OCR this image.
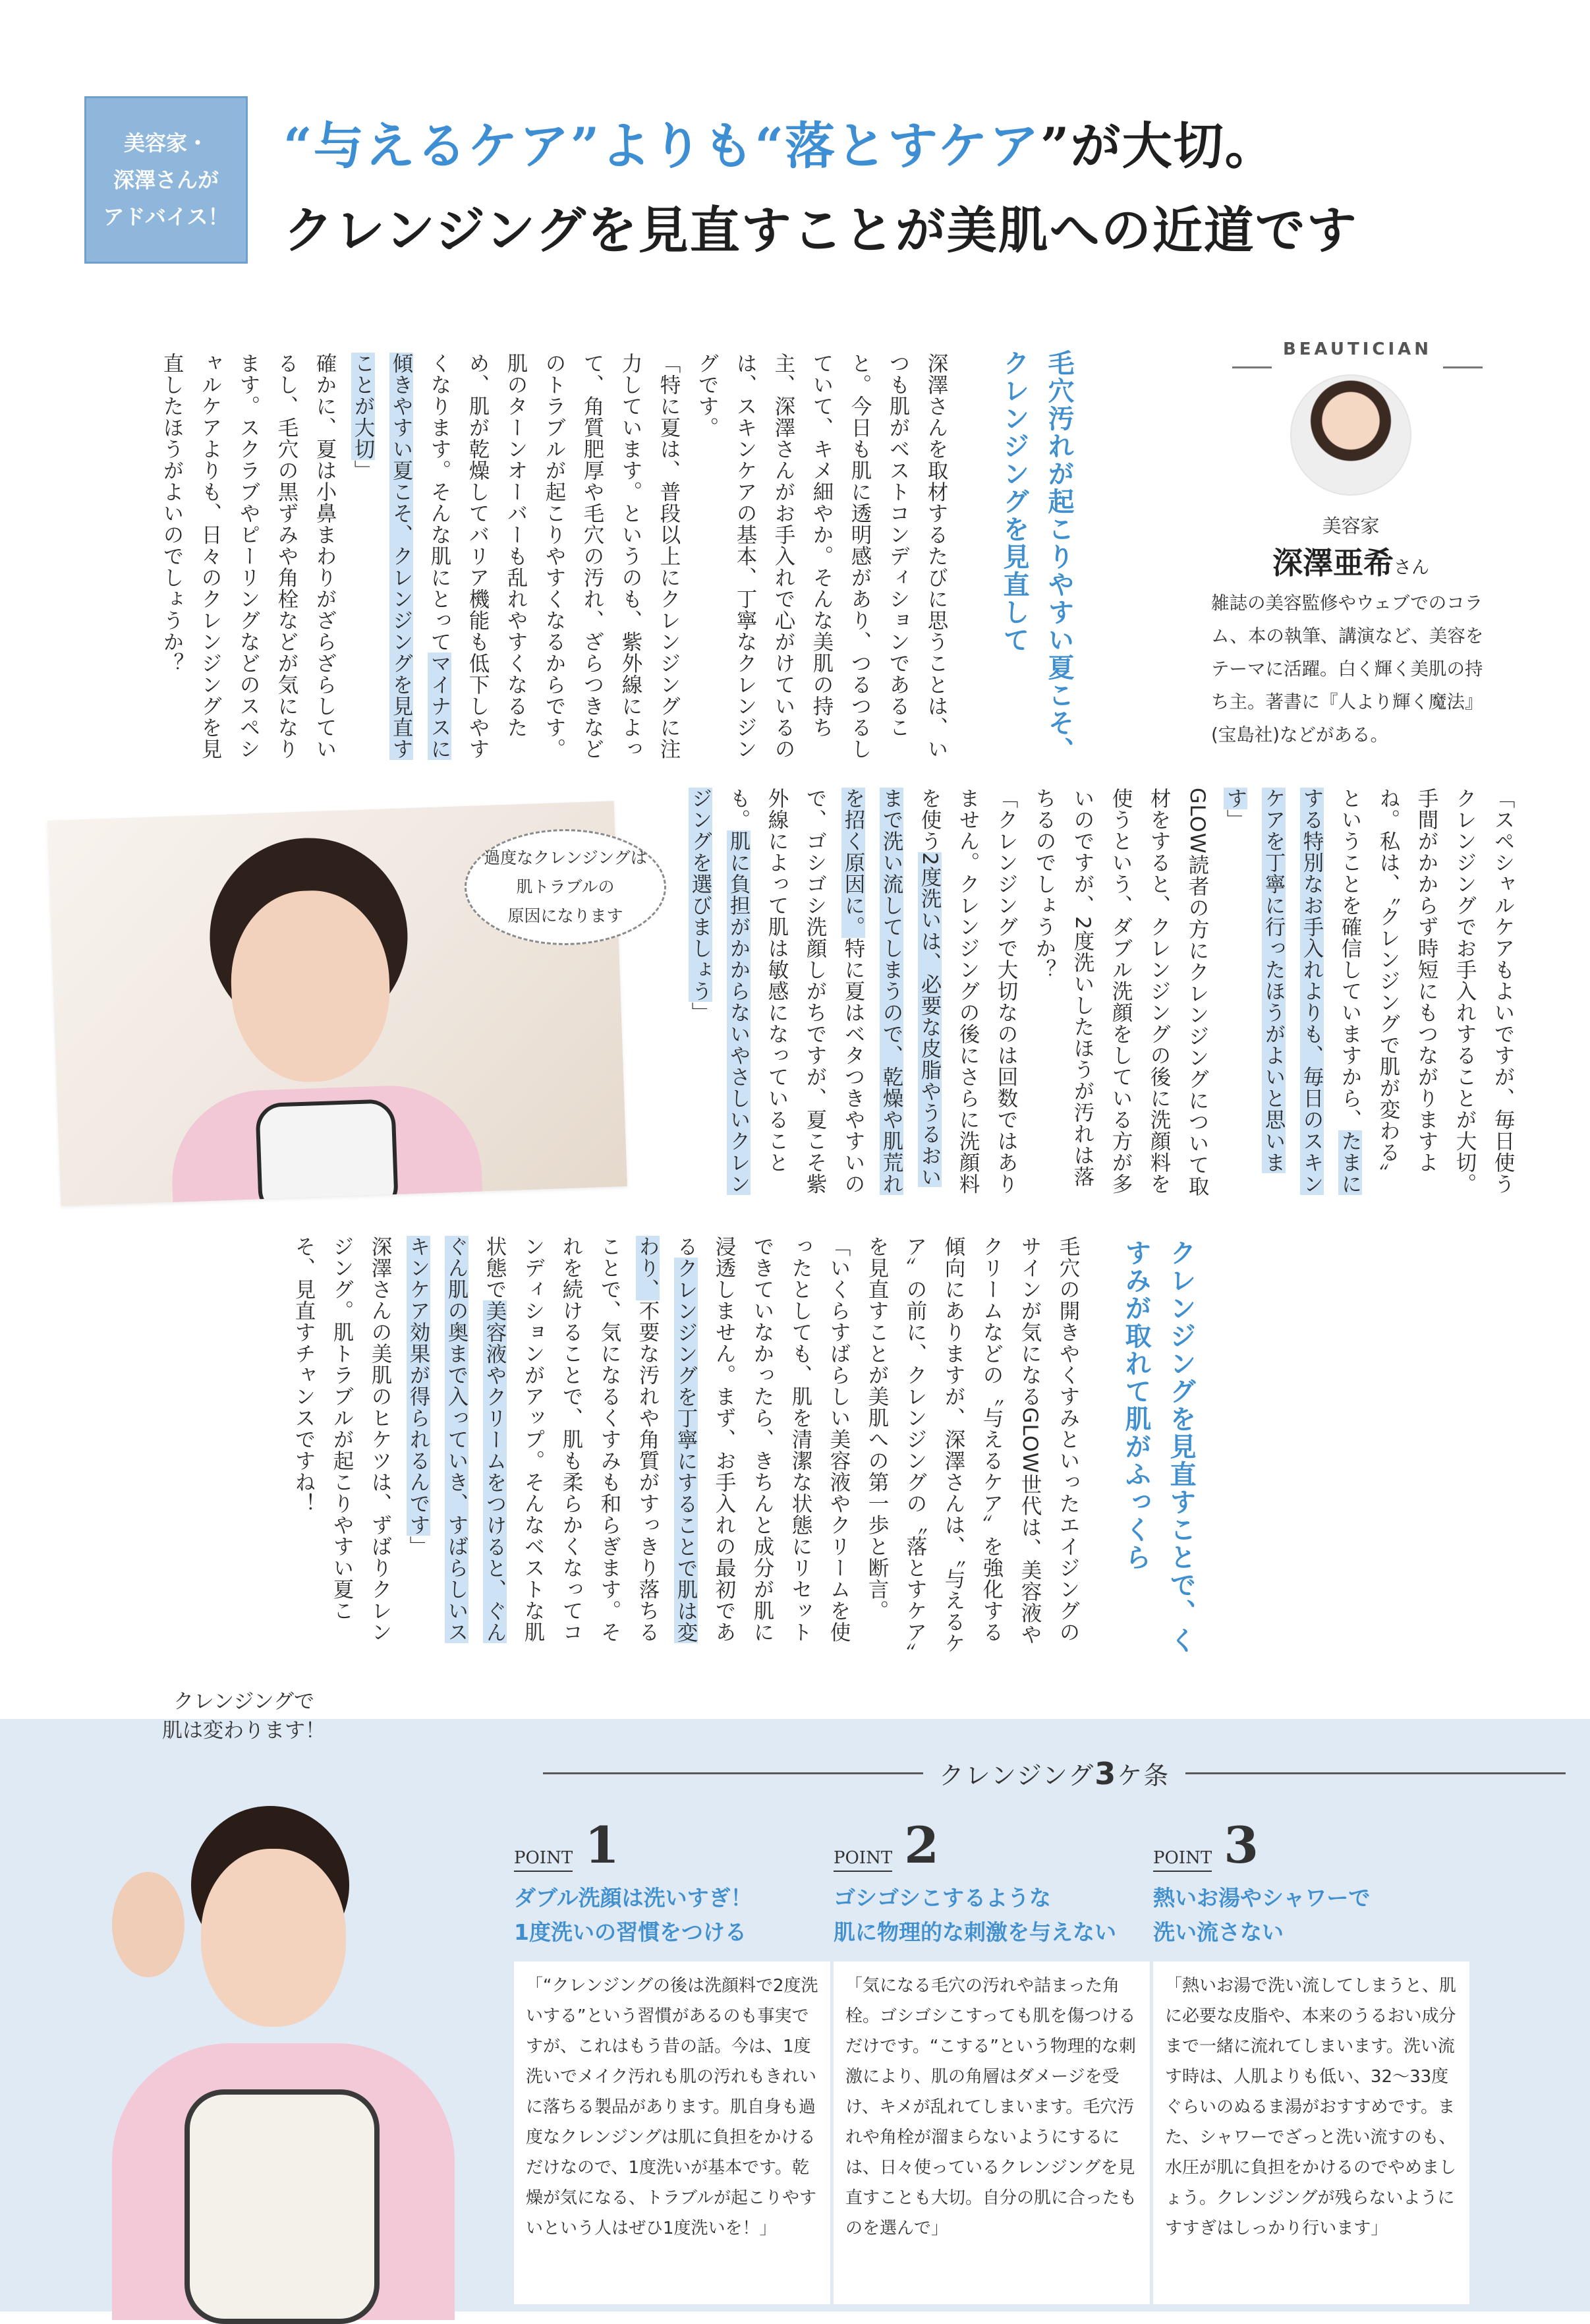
美容家・
深澤さんが
アドバイス！
“与えるケア”よりも“落とすケア”が大切。
クレンジングを見直すことが美肌への近道です
毛穴汚れが起こりやすい夏こそ、クレンジングを見直して

深澤さんを取材するたびに思うことは、いつも肌がベストコンディションであること。今日も肌に透明感があり、つるつるしていて、キメ細やか。そんな美肌の持ち主、深澤さんがお手入れで心がけているのは、スキンケアの基本、丁寧なクレンジングです。

「特に夏は、普段以上にクレンジングに注力しています。というのも、紫外線によって、角質肥厚や毛穴の汚れ、ざらつきなどのトラブルが起こりやすくなるからです。肌のターンオーバーも乱れやすくなるため、肌が乾燥してバリア機能も低下しやすくなります。そんな肌にとってマイナスに傾きやすい夏こそ、クレンジングを見直すことが大切」

確かに、夏は小鼻まわりがざらざらしているし、毛穴の黒ずみや角栓などが気になります。スクラブやピーリングなどのスペシャルケアよりも、日々のクレンジングを見直したほうがよいのでしょうか？

BEAUTICIAN
美容家
深澤亜希さん
雑誌の美容監修やウェブでのコラム、本の執筆、講演など、美容をテーマに活躍。白く輝く美肌の持ち主。著書に『人より輝く魔法』(宝島社)などがある。
過度なクレンジングは
肌トラブルの
原因になります	「スペシャルケアもよいですが、毎日使うクレンジングでお手入れすることが大切。手間がかからず時短にもつながりますよね。私は、〝クレンジングで肌が変わる〟ということを確信していますから、たまにする特別なお手入れよりも、毎日のスキンケアを丁寧に行ったほうがよいと思います」

GLOW読者の方にクレンジングについて取材をすると、クレンジングの後に洗顔料を使うという、ダブル洗顔をしている方が多いのですが、2度洗いしたほうが汚れは落ちるのでしょうか？

「クレンジングで大切なのは回数ではありません。クレンジングの後にさらに洗顔料を使う2度洗いは、必要な皮脂やうるおいまで洗い流してしまうので、乾燥や肌荒れを招く原因に。特に夏はベタつきやすいので、ゴシゴシ洗顔しがちですが、夏こそ紫外線によって肌は敏感になっていることも。肌に負担がかからないやさしいクレンジングを選びましょう」

クレンジングを見直すことで、くすみが取れて肌がふっくら

毛穴の開きやくすみといったエイジングのサインが気になるGLOW世代は、美容液やクリームなどの〝与えるケア〟を強化する傾向にありますが、深澤さんは、〝与えるケア〟の前に、クレンジングの〝落とすケア〟を見直すことが美肌への第一歩と断言。

「いくらすばらしい美容液やクリームを使ったとしても、肌を清潔な状態にリセットできていなかったら、きちんと成分が肌に浸透しません。まず、お手入れの最初であるクレンジングを丁寧にすることで肌は変わり、不要な汚れや角質がすっきり落ちることで、気になるくすみも和らぎます。それを続けることで、肌も柔らかくなってコンディションがアップ。そんなベストな肌状態で美容液やクリームをつけると、ぐんぐん肌の奥まで入っていき、すばらしいスキンケア効果が得られるんです」

深澤さんの美肌のヒケツは、ずばりクレンジング。肌トラブルが起こりやすい夏こそ、見直すチャンスですね！

クレンジングで
肌は変わります！
クレンジング3ケ条
POINT 1
ダブル洗顔は洗いすぎ！
1度洗いの習慣をつける
「“クレンジングの後は洗顔料で2度洗いする”という習慣があるのも事実ですが、これはもう昔の話。今は、1度洗いでメイク汚れも肌の汚れもきれいに落ちる製品があります。肌自身も過度なクレンジングは肌に負担をかけるだけなので、1度洗いが基本です。乾燥が気になる、トラブルが起こりやすいという人はぜひ1度洗いを！」
POINT 2
ゴシゴシこするような
肌に物理的な刺激を与えない
「気になる毛穴の汚れや詰まった角栓。ゴシゴシこすっても肌を傷つけるだけです。“こする”という物理的な刺激により、肌の角層はダメージを受け、キメが乱れてしまいます。毛穴汚れや角栓が溜まらないようにするには、日々使っているクレンジングを見直すことも大切。自分の肌に合ったものを選んで」
POINT 3
熱いお湯やシャワーで
洗い流さない
「熱いお湯で洗い流してしまうと、肌に必要な皮脂や、本来のうるおい成分まで一緒に流れてしまいます。洗い流す時は、人肌よりも低い、32〜33度ぐらいのぬるま湯がおすすめです。また、シャワーでざっと洗い流すのも、水圧が肌に負担をかけるのでやめましょう。クレンジングが残らないようにすすぎはしっかり行います」
